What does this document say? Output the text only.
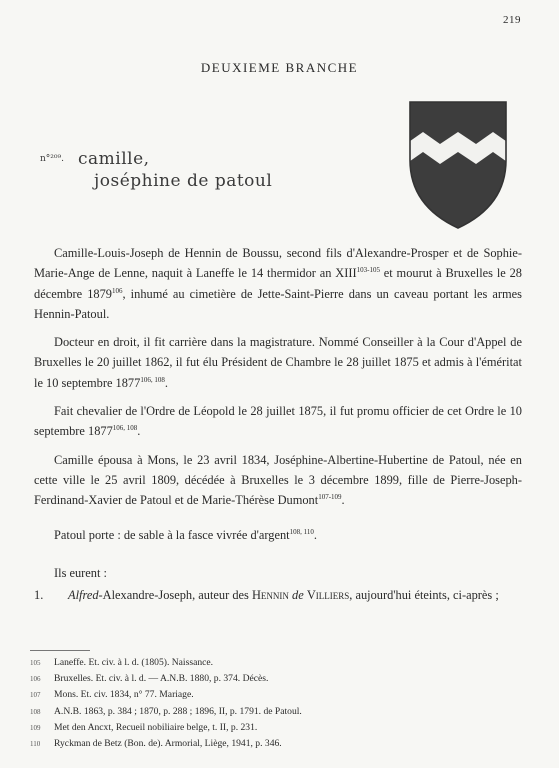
219
DEUXIEME BRANCHE
n°²⁰⁹. camille,
joséphine de patoul

Camille-Louis-Joseph de Hennin de Boussu, second fils d'Alexandre-Prosper et de Sophie-Marie-Ange de Lenne, naquit à Laneffe le 14 thermidor an XIII$^{103-105}$ et mourut à Bruxelles le 28 décembre 1879$^{106}$, inhumé au cimetière de Jette-Saint-Pierre dans un caveau portant les armes Hennin-Patoul.

Docteur en droit, il fit carrière dans la magistrature. Nommé Conseiller à la Cour d'Appel de Bruxelles le 20 juillet 1862, il fut élu Président de Chambre le 28 juillet 1875 et admis à l'éméritat le 10 septembre 1877$^{106, 108}$.

Fait chevalier de l'Ordre de Léopold le 28 juillet 1875, il fut promu officier de cet Ordre le 10 septembre 1877$^{106, 108}$.

Camille épousa à Mons, le 23 avril 1834, Joséphine-Albertine-Hubertine de Patoul, née en cette ville le 25 avril 1809, décédée à Bruxelles le 3 décembre 1899, fille de Pierre-Joseph-Ferdinand-Xavier de Patoul et de Marie-Thérèse Dumont$^{107-109}$.

Patoul porte : de sable à la fasce vivrée d'argent$^{108, 110}$.

Ils eurent :

1.	Alfred-Alexandre-Joseph, auteur des Hennin de Villiers, aujourd'hui éteints, ci-après ;
105	Laneffe. Et. civ. à l. d. (1805). Naissance.
106	Bruxelles. Et. civ. à l. d. — A.N.B. 1880, p. 374. Décès.
107	Mons. Et. civ. 1834, n° 77. Mariage.
108	A.N.B. 1863, p. 384 ; 1870, p. 288 ; 1896, II, p. 1791. de Patoul.
109	Met den Ancxt, Recueil nobiliaire belge, t. II, p. 231.
110	Ryckman de Betz (Bon. de). Armorial, Liège, 1941, p. 346.
